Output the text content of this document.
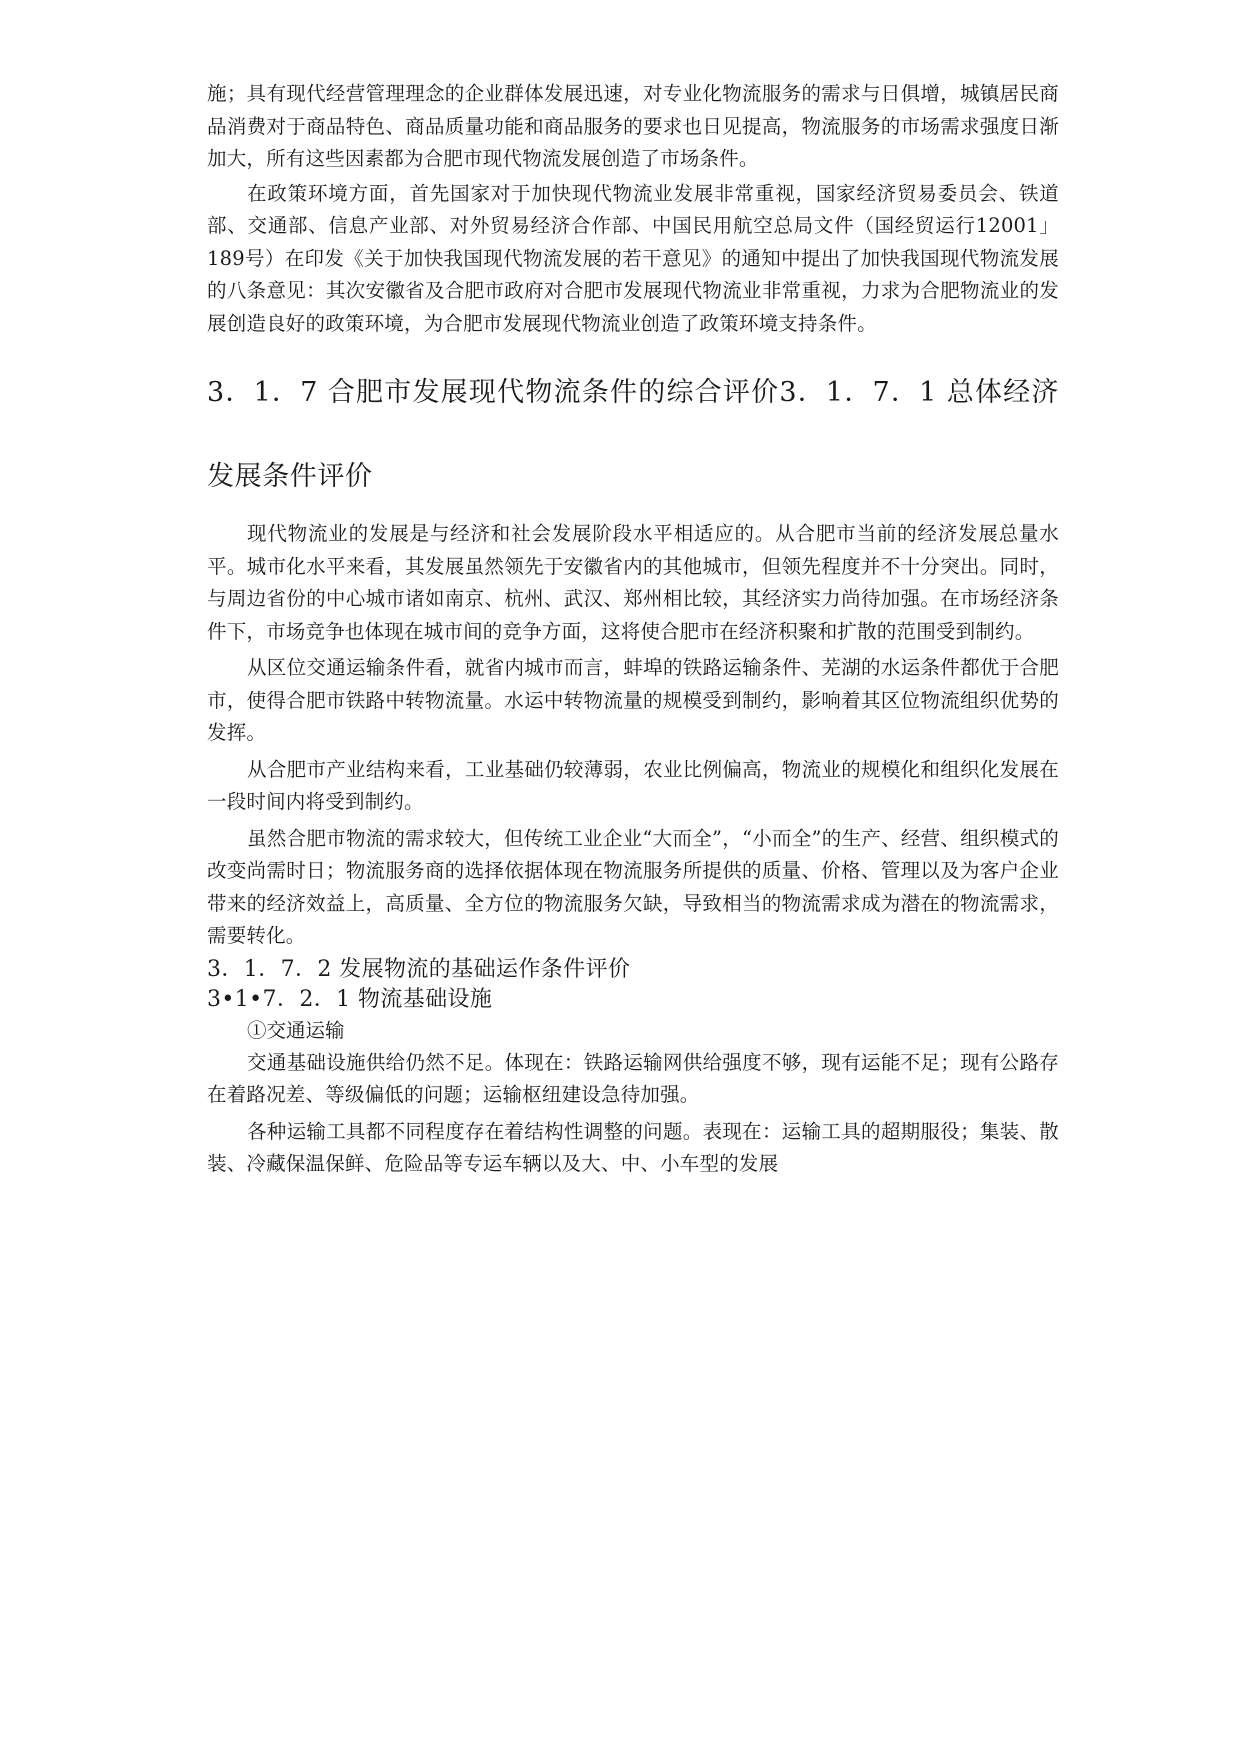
施；具有现代经营管理理念的企业群体发展迅速，对专业化物流服务的需求与日俱增，城镇居民商品消费对于商品特色、商品质量功能和商品服务的要求也日见提高，物流服务的市场需求强度日渐加大，所有这些因素都为合肥市现代物流发展创造了市场条件。

在政策环境方面，首先国家对于加快现代物流业发展非常重视，国家经济贸易委员会、铁道部、交通部、信息产业部、对外贸易经济合作部、中国民用航空总局文件（国经贸运行12001」189号）在印发《关于加快我国现代物流发展的若干意见》的通知中提出了加快我国现代物流发展的八条意见：其次安徽省及合肥市政府对合肥市发展现代物流业非常重视，力求为合肥物流业的发展创造良好的政策环境，为合肥市发展现代物流业创造了政策环境支持条件。

3．1．7 合肥市发展现代物流条件的综合评价3．1．7．1 总体经济
发展条件评价

现代物流业的发展是与经济和社会发展阶段水平相适应的。从合肥市当前的经济发展总量水平。城市化水平来看，其发展虽然领先于安徽省内的其他城市，但领先程度并不十分突出。同时，与周边省份的中心城市诸如南京、杭州、武汉、郑州相比较，其经济实力尚待加强。在市场经济条件下，市场竞争也体现在城市间的竞争方面，这将使合肥市在经济积聚和扩散的范围受到制约。

从区位交通运输条件看，就省内城市而言，蚌埠的铁路运输条件、芜湖的水运条件都优于合肥市，使得合肥市铁路中转物流量。水运中转物流量的规模受到制约，影响着其区位物流组织优势的发挥。

从合肥市产业结构来看，工业基础仍较薄弱，农业比例偏高，物流业的规模化和组织化发展在一段时间内将受到制约。

虽然合肥市物流的需求较大，但传统工业企业“大而全”，“小而全”的生产、经营、组织模式的改变尚需时日；物流服务商的选择依据体现在物流服务所提供的质量、价格、管理以及为客户企业带来的经济效益上，高质量、全方位的物流服务欠缺，导致相当的物流需求成为潜在的物流需求，需要转化。

3．1．7．2 发展物流的基础运作条件评价
3•1•7．2．1 物流基础设施

①交通运输

交通基础设施供给仍然不足。体现在：铁路运输网供给强度不够，现有运能不足；现有公路存在着路况差、等级偏低的问题；运输枢纽建设急待加强。

各种运输工具都不同程度存在着结构性调整的问题。表现在：运输工具的超期服役；集装、散装、冷藏保温保鲜、危险品等专运车辆以及大、中、小车型的发展
